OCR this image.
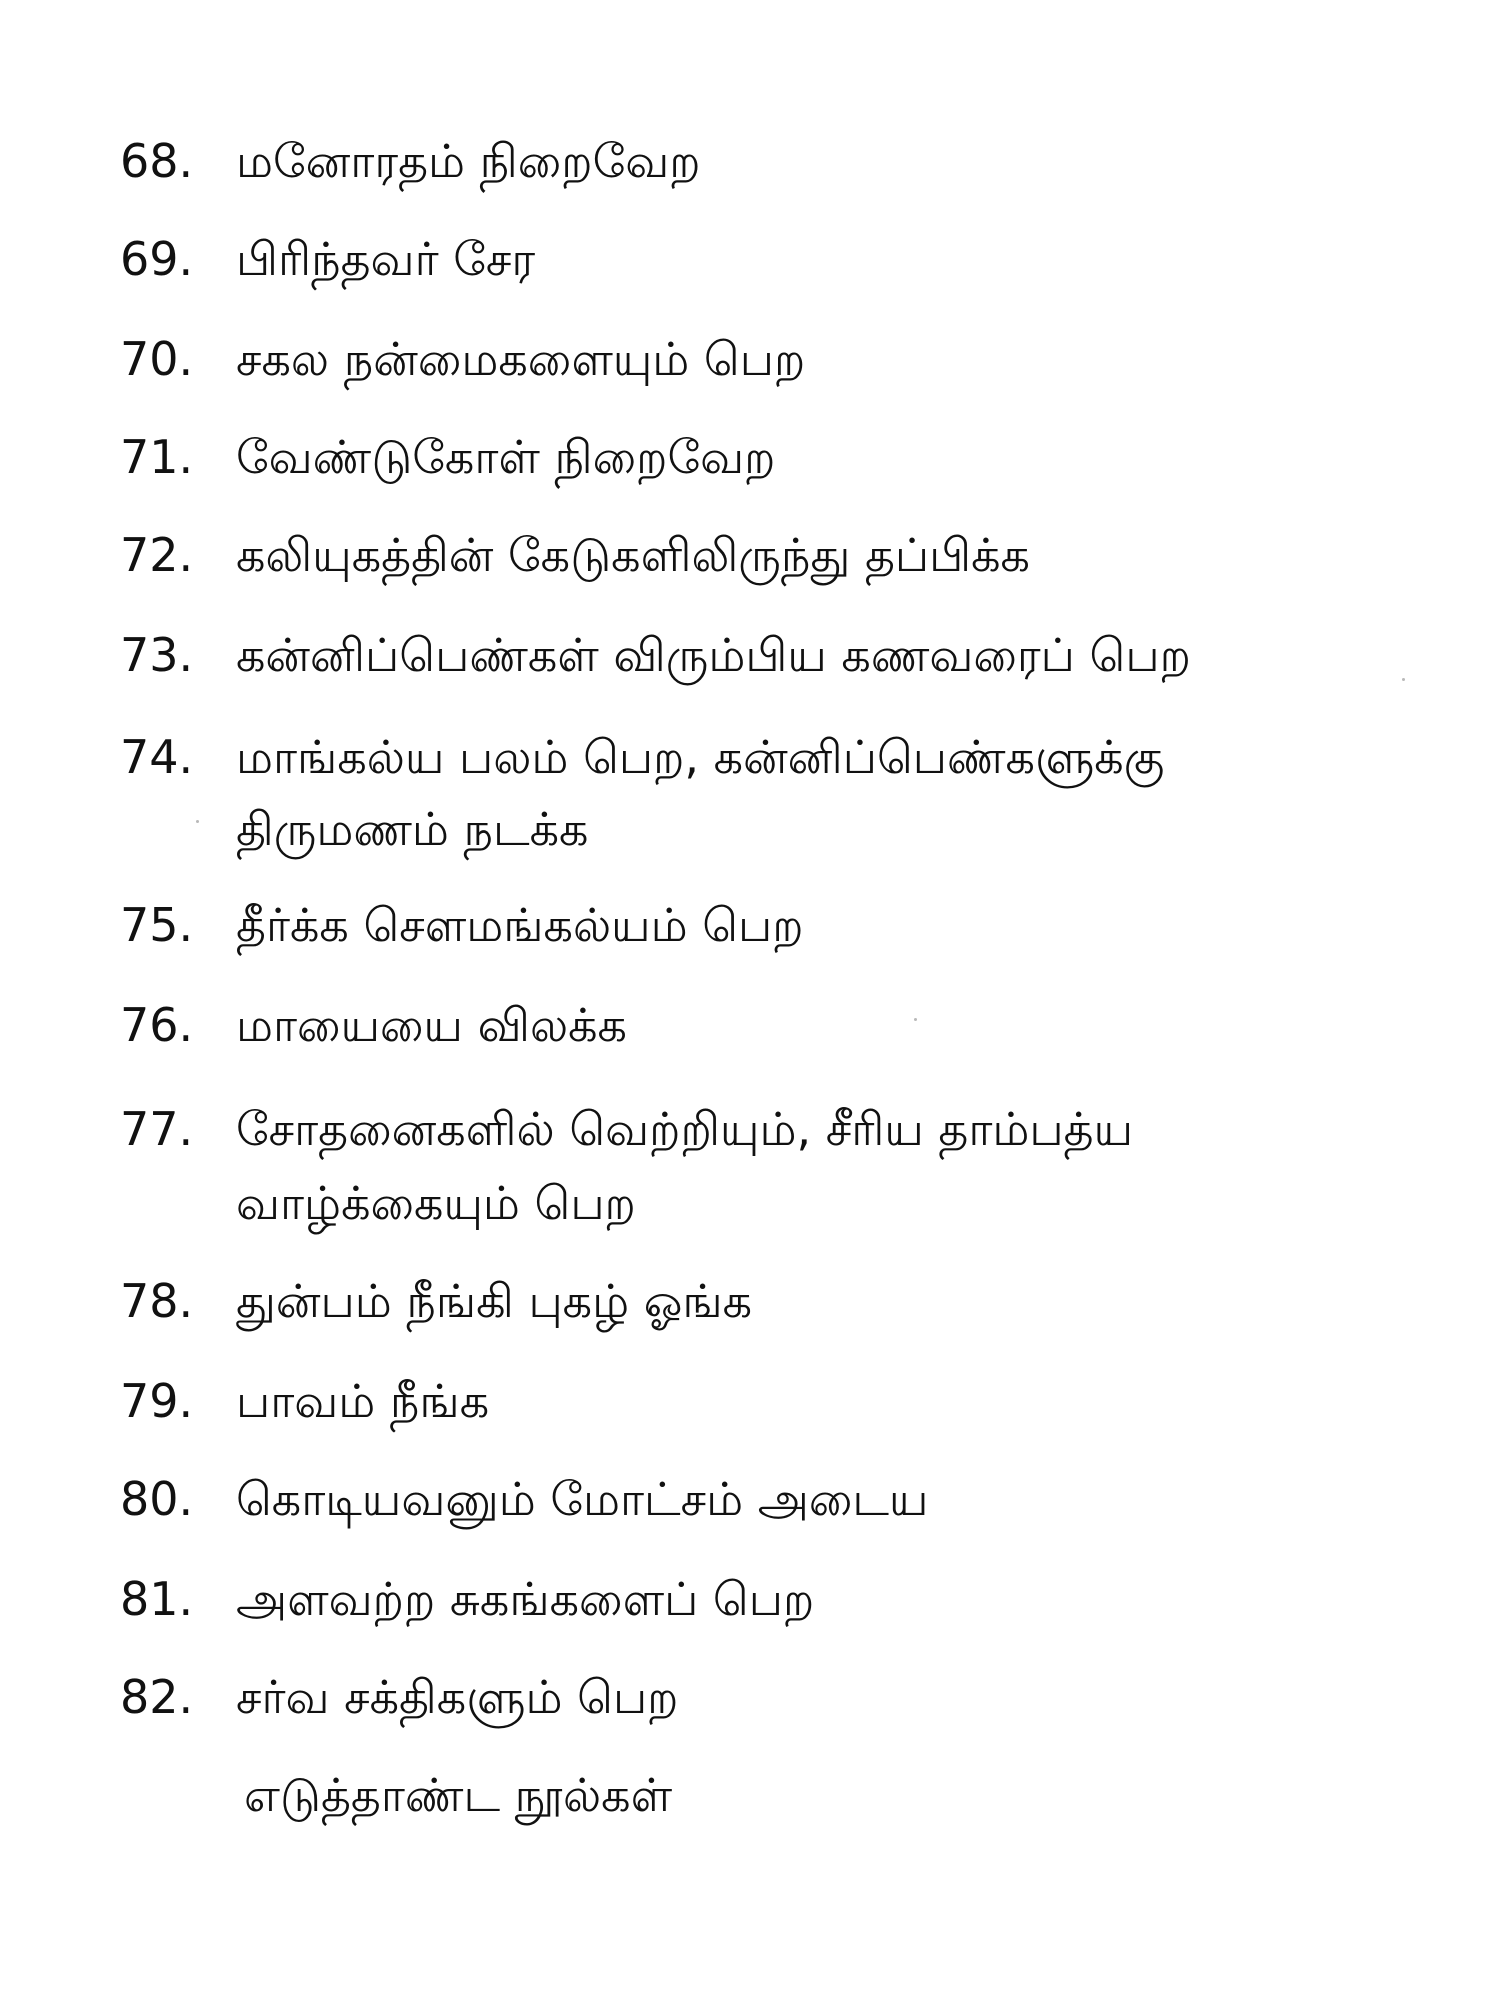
68. மனோரதம் நிறைவேற
69. பிரிந்தவர் சேர
70. சகல நன்மைகளையும் பெற
71. வேண்டுகோள் நிறைவேற
72. கலியுகத்தின் கேடுகளிலிருந்து தப்பிக்க
73. கன்னிப்பெண்கள் விரும்பிய கணவரைப் பெற
74. மாங்கல்ய பலம் பெற, கன்னிப்பெண்களுக்கு
திருமணம் நடக்க
75. தீர்க்க சௌமங்கல்யம் பெற
76. மாயையை விலக்க
77. சோதனைகளில் வெற்றியும், சீரிய தாம்பத்ய
வாழ்க்கையும் பெற
78. துன்பம் நீங்கி புகழ் ஓங்க
79. பாவம் நீங்க
80. கொடியவனும் மோட்சம் அடைய
81. அளவற்ற சுகங்களைப் பெற
82. சர்வ சக்திகளும் பெற
எடுத்தாண்ட நூல்கள்
